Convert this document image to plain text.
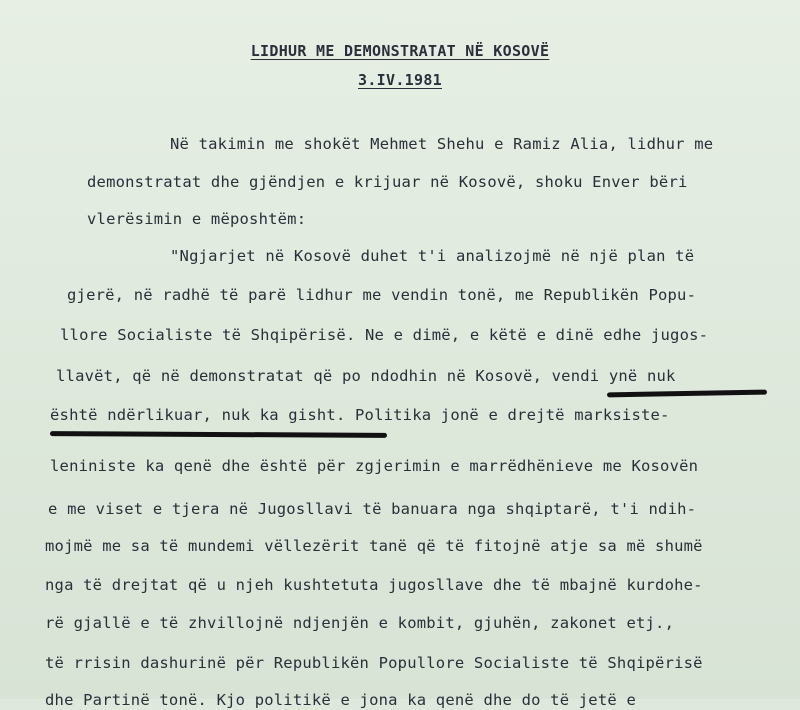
LIDHUR ME DEMONSTRATAT NË KOSOVË
3.IV.1981
Në takimin me shokët Mehmet Shehu e Ramiz Alia, lidhur me
demonstratat dhe gjëndjen e krijuar në Kosovë, shoku Enver bëri
vlerësimin e mëposhtëm:
"Ngjarjet në Kosovë duhet t'i analizojmë në një plan të
gjerë, në radhë të parë lidhur me vendin tonë, me Republikën Popu-
llore Socialiste të Shqipërisë. Ne e dimë, e këtë e dinë edhe jugos-
llavët, që në demonstratat që po ndodhin në Kosovë, vendi ynë nuk
është ndërlikuar, nuk ka gisht. Politika jonë e drejtë marksiste-
leniniste ka qenë dhe është për zgjerimin e marrëdhënieve me Kosovën
e me viset e tjera në Jugosllavi të banuara nga shqiptarë, t'i ndih-
mojmë me sa të mundemi vëllezërit tanë që të fitojnë atje sa më shumë
nga të drejtat që u njeh kushtetuta jugosllave dhe të mbajnë kurdohe-
rë gjallë e të zhvillojnë ndjenjën e kombit, gjuhën, zakonet etj.,
të rrisin dashurinë për Republikën Popullore Socialiste të Shqipërisë
dhe Partinë tonë. Kjo politikë e jona ka qenë dhe do të jetë e
